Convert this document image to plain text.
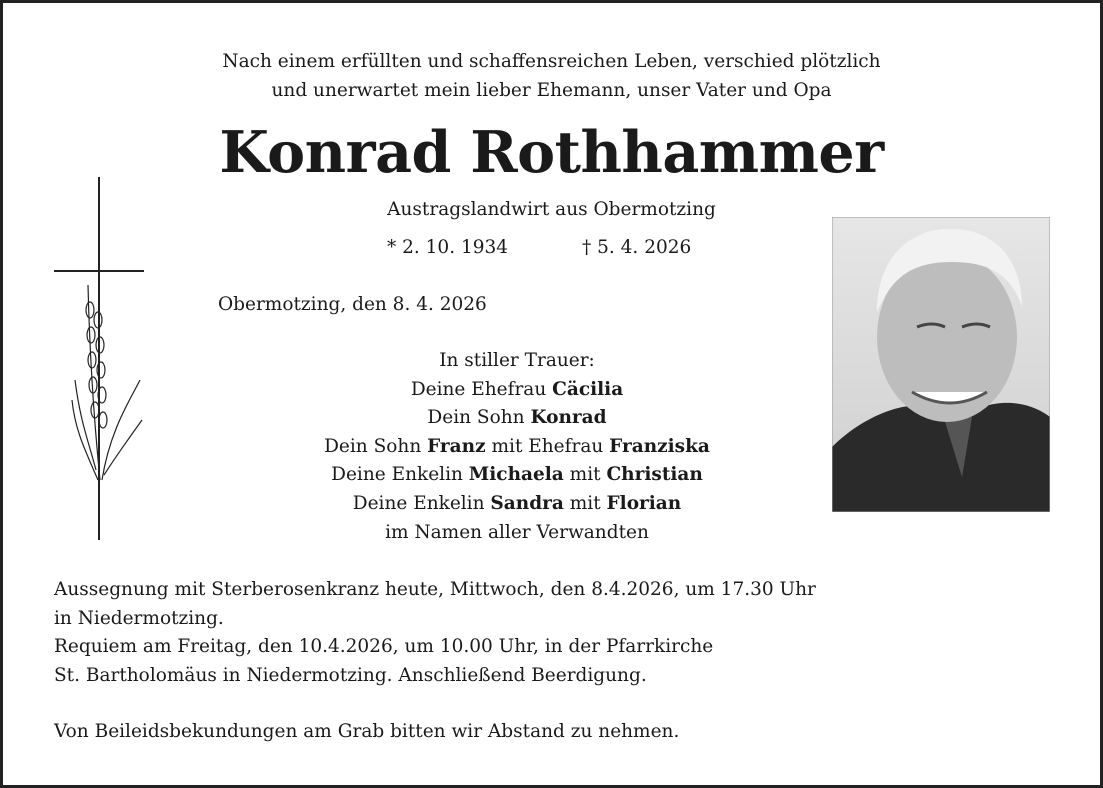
Nach einem erfüllten und schaffensreichen Leben, verschied plötzlich
und unerwartet mein lieber Ehemann, unser Vater und Opa
Konrad Rothhammer
Austragslandwirt aus Obermotzing
* 2. 10. 1934	† 5. 4. 2026
Obermotzing, den 8. 4. 2026
In stiller Trauer:
Deine Ehefrau Cäcilia
Dein Sohn Konrad
Dein Sohn Franz mit Ehefrau Franziska
Deine Enkelin Michaela mit Christian
Deine Enkelin Sandra mit Florian
im Namen aller Verwandten
Aussegnung mit Sterberosenkranz heute, Mittwoch, den 8.4.2026, um 17.30 Uhr
in Niedermotzing.
Requiem am Freitag, den 10.4.2026, um 10.00 Uhr, in der Pfarrkirche
St. Bartholomäus in Niedermotzing. Anschließend Beerdigung.
Von Beileidsbekundungen am Grab bitten wir Abstand zu nehmen.
